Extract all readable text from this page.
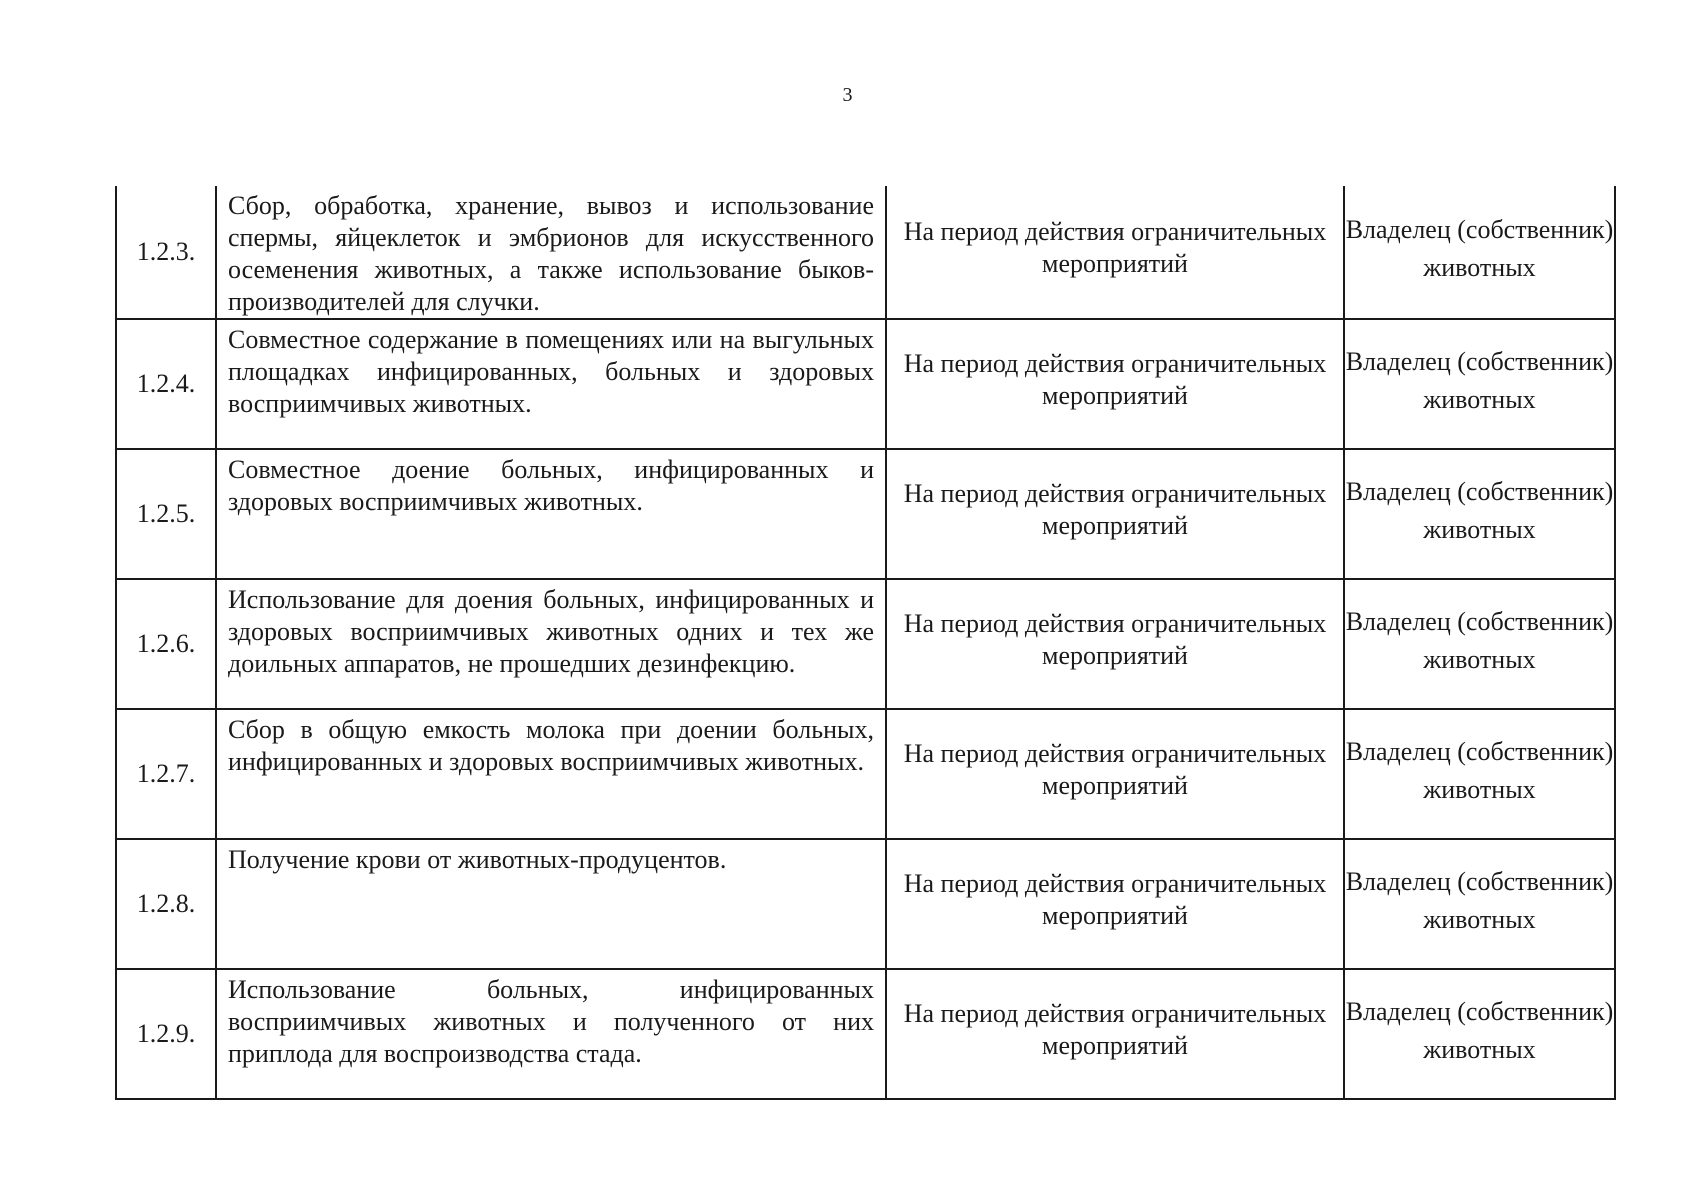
3
1.2.3.	Сбор, обработка, хранение, вывоз и использование спермы, яйцеклеток и эмбрионов для искусственного осеменения животных, а также использование быков-производителей для случки.	На период действия ограничительных мероприятий	Владелец (собственник) животных
1.2.4.	Совместное содержание в помещениях или на выгульных площадках инфицированных, больных и здоровых восприимчивых животных.	На период действия ограничительных мероприятий	Владелец (собственник) животных
1.2.5.	Совместное доение больных, инфицированных и здоровых восприимчивых животных.	На период действия ограничительных мероприятий	Владелец (собственник) животных
1.2.6.	Использование для доения больных, инфицированных и здоровых восприимчивых животных одних и тех же доильных аппаратов, не прошедших дезинфекцию.	На период действия ограничительных мероприятий	Владелец (собственник) животных
1.2.7.	Сбор в общую емкость молока при доении больных, инфицированных и здоровых восприимчивых животных.	На период действия ограничительных мероприятий	Владелец (собственник) животных
1.2.8.	Получение крови от животных-продуцентов.	На период действия ограничительных мероприятий	Владелец (собственник) животных
1.2.9.	Использование больных, инфицированных восприимчивых животных и полученного от них приплода для воспроизводства стада.	На период действия ограничительных мероприятий	Владелец (собственник) животных
